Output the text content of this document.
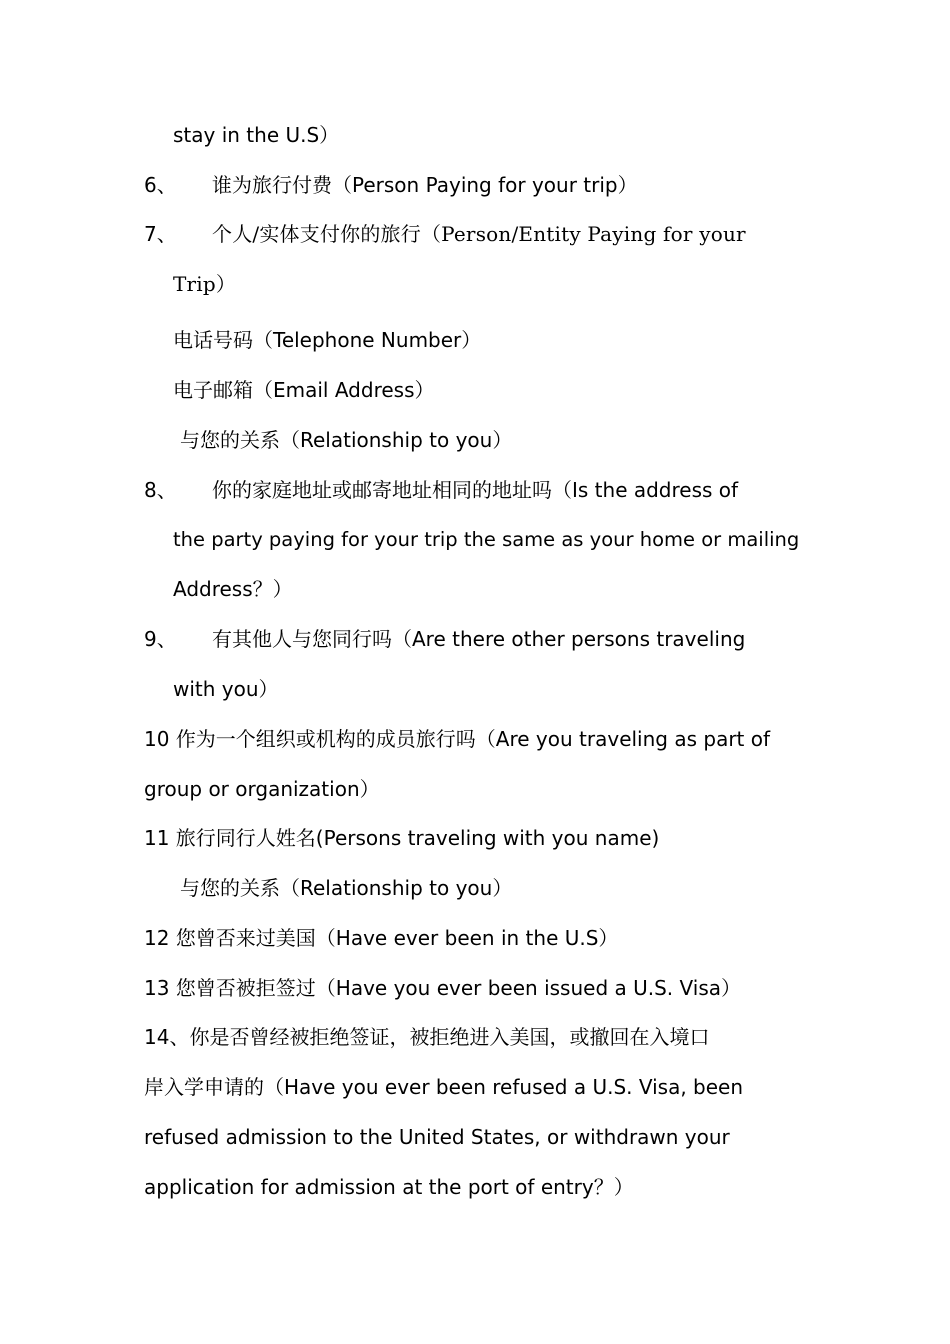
stay in the U.S）
6、 谁为旅行付费（Person Paying for your trip）
7、 个人/实体支付你的旅行（Person/Entity Paying for your
Trip）
电话号码（Telephone Number）
电子邮箱（Email Address）
与您的关系（Relationship to you）
8、 你的家庭地址或邮寄地址相同的地址吗（Is the address of
the party paying for your trip the same as your home or mailing
Address？）
9、 有其他人与您同行吗（Are there other persons traveling
with you）
10 作为一个组织或机构的成员旅行吗（Are you traveling as part of
group or organization）
11 旅行同行人姓名(Persons traveling with you name)
与您的关系（Relationship to you）
12 您曾否来过美国（Have ever been in the U.S）
13 您曾否被拒签过（Have you ever been issued a U.S. Visa）
14、你是否曾经被拒绝签证，被拒绝进入美国，或撤回在入境口
岸入学申请的（Have you ever been refused a U.S. Visa, been
refused admission to the United States, or withdrawn your
application for admission at the port of entry？）
